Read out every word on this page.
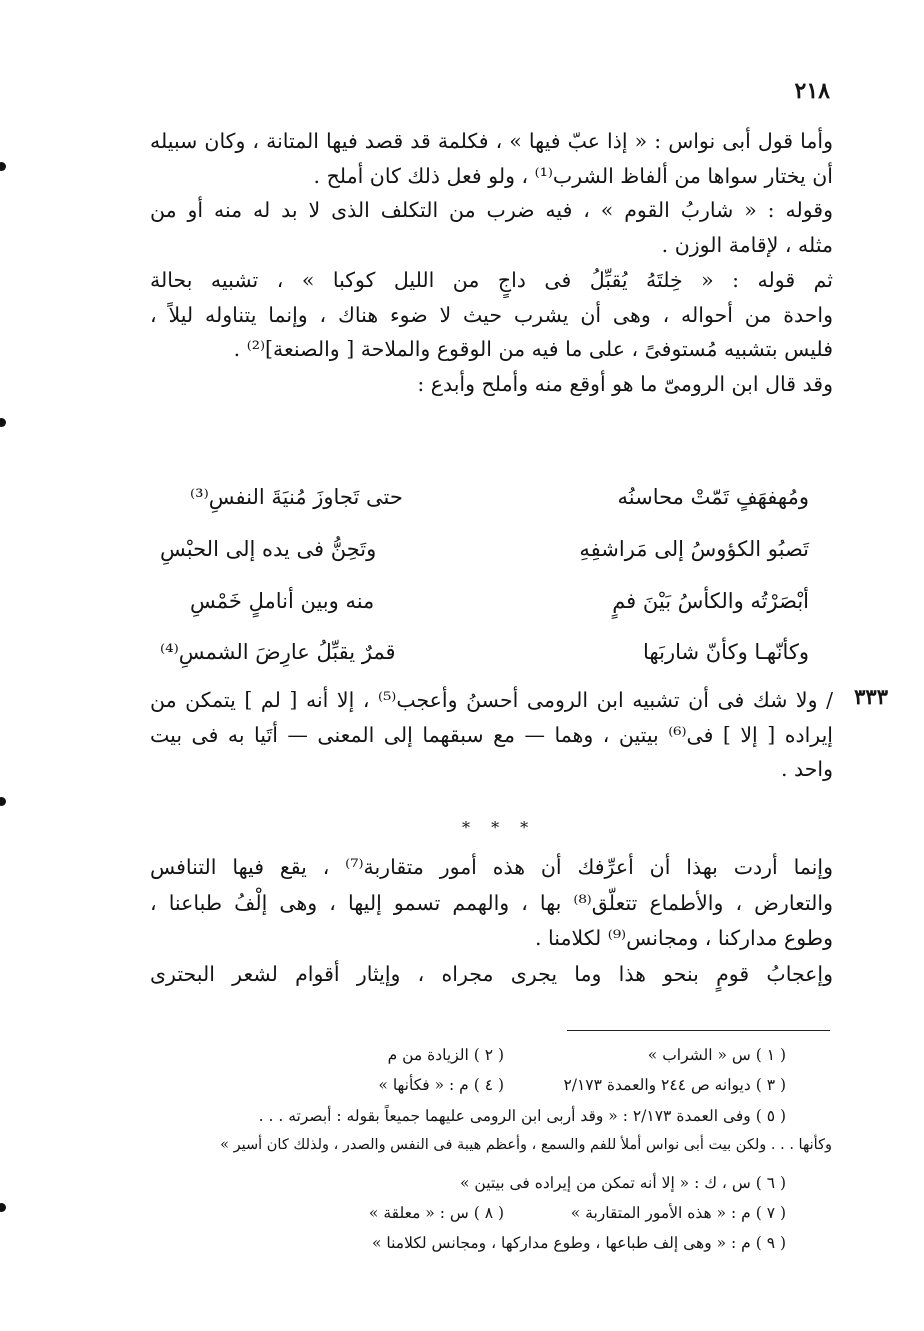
٢١٨
٣٣٣
وأما قول أبى نواس : « إذا عبّ فيها » ، فكلمة قد قصد فيها المتانة ، وكان سبيله
أن يختار سواها من ألفاظ الشرب⁽¹⁾ ، ولو فعل ذلك كان أملح .
وقوله : « شاربُ القوم » ، فيه ضرب من التكلف الذى لا بد له منه أو من
مثله ، لإقامة الوزن .
ثم قوله : « خِلتَهُ يُقبِّلُ فى داجٍ من الليل كوكبا » ، تشبيه بحالة
واحدة من أحواله ، وهى أن يشرب حيث لا ضوء هناك ، وإنما يتناوله ليلاً ،
فليس بتشبيه مُستوفىً ، على ما فيه من الوقوع والملاحة [ والصنعة]⁽²⁾ .
وقد قال ابن الرومىّ ما هو أوقع منه وأملح وأبدع :
ومُهفهَفٍ تَمّتْ محاسنُه
حتى تَجاوزَ مُنيَةَ النفسِ⁽³⁾
تَصبُو الكؤوسُ إلى مَراشفِهِ
وتَحِنُّ فى يده إلى الحبْسِ
أبْصَرْتُه والكأسُ بَيْنَ فمٍ
منه وبين أناملٍ خَمْسِ
وكأنّهـا وكأنّ شاربَها
قمرٌ يقبِّلُ عارِضَ الشمسِ⁽⁴⁾
/ ولا شك فى أن تشبيه ابن الرومى أحسنُ وأعجب⁽⁵⁾ ، إلا أنه [ لم ] يتمكن من
إيراده [ إلا ] فى⁽⁶⁾ بيتين ، وهما — مع سبقهما إلى المعنى — أتَيا به فى بيت
واحد .
* * *
وإنما أردت بهذا أن أعرِّفك أن هذه أمور متقاربة⁽⁷⁾ ، يقع فيها التنافس
والتعارض ، والأطماع تتعلّق⁽⁸⁾ بها ، والهمم تسمو إليها ، وهى إلْفُ طباعنا ،
وطوع مداركنا ، ومجانس⁽⁹⁾ لكلامنا .
وإعجابُ قومٍ بنحو هذا وما يجرى مجراه ، وإيثار أقوام لشعر البحترى
( ١ ) س « الشراب »
( ٢ ) الزيادة من م
( ٣ ) ديوانه ص ٢٤٤ والعمدة ٢/١٧٣
( ٤ ) م : « فكأنها »
( ٥ ) وفى العمدة ٢/١٧٣ : « وقد أربى ابن الرومى عليهما جميعاً بقوله : أبصرته . . .
وكأنها . . . ولكن بيت أبى نواس أملأ للفم والسمع ، وأعظم هيبة فى النفس والصدر ، ولذلك كان أسير »
( ٦ ) س ، ك : « إلا أنه تمكن من إيراده فى بيتين »
( ٧ ) م : « هذه الأمور المتقاربة »
( ٨ ) س : « معلقة »
( ٩ ) م : « وهى إلف طباعها ، وطوع مداركها ، ومجانس لكلامنا »
